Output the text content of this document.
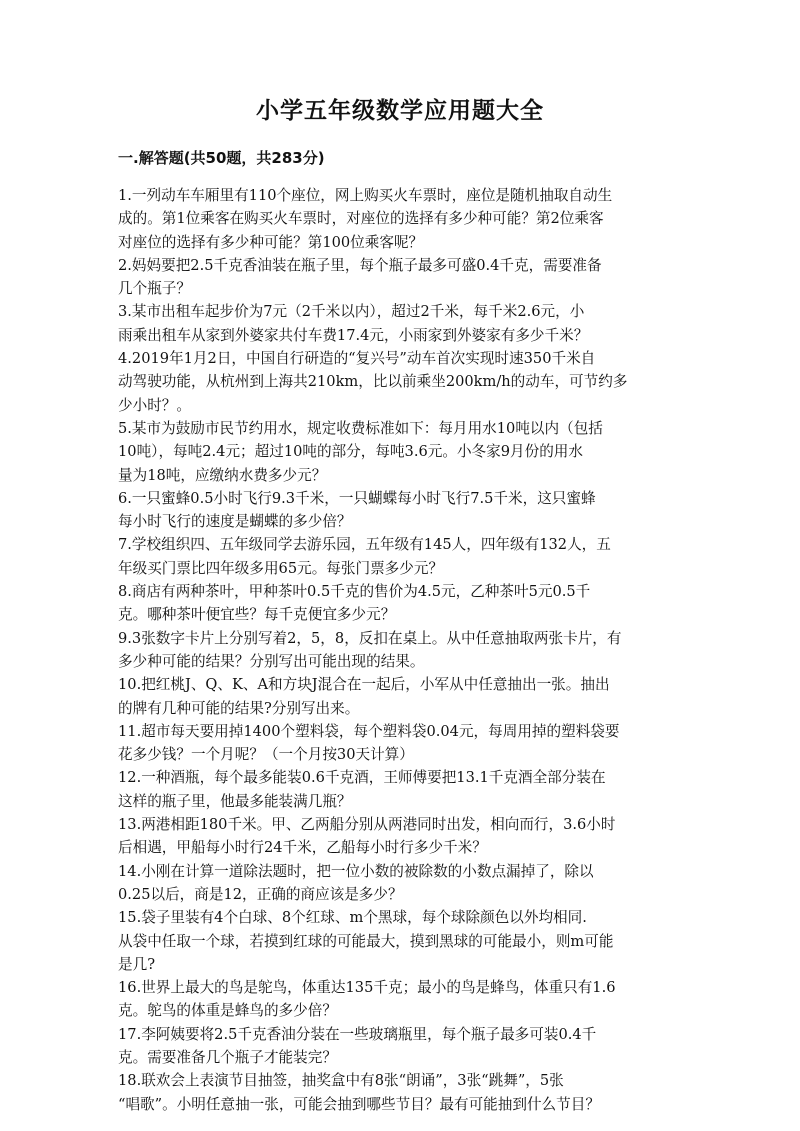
小学五年级数学应用题大全
一.解答题(共50题，共283分)
1.一列动车车厢里有110个座位，网上购买火车票时，座位是随机抽取自动生
成的。第1位乘客在购买火车票时，对座位的选择有多少种可能？第2位乘客
对座位的选择有多少种可能？第100位乘客呢？
2.妈妈要把2.5千克香油装在瓶子里，每个瓶子最多可盛0.4千克，需要准备
几个瓶子？
3.某市出租车起步价为7元（2千米以内），超过2千米，每千米2.6元，小
雨乘出租车从家到外婆家共付车费17.4元，小雨家到外婆家有多少千米？
4.2019年1月2日，中国自行研造的“复兴号”动车首次实现时速350千米自
动驾驶功能，从杭州到上海共210km，比以前乘坐200km/h的动车，可节约多
少小时？。
5.某市为鼓励市民节约用水，规定收费标准如下：每月用水10吨以内（包括
10吨），每吨2.4元；超过10吨的部分，每吨3.6元。小冬家9月份的用水
量为18吨，应缴纳水费多少元？
6.一只蜜蜂0.5小时飞行9.3千米，一只蝴蝶每小时飞行7.5千米，这只蜜蜂
每小时飞行的速度是蝴蝶的多少倍？
7.学校组织四、五年级同学去游乐园，五年级有145人，四年级有132人，五
年级买门票比四年级多用65元。每张门票多少元？
8.商店有两种茶叶，甲种茶叶0.5千克的售价为4.5元，乙种茶叶5元0.5千
克。哪种茶叶便宜些？每千克便宜多少元？
9.3张数字卡片上分别写着2，5，8，反扣在桌上。从中任意抽取两张卡片，有
多少种可能的结果？分别写出可能出现的结果。
10.把红桃J、Q、K、A和方块J混合在一起后，小军从中任意抽出一张。抽出
的牌有几种可能的结果?分别写出来。
11.超市每天要用掉1400个塑料袋，每个塑料袋0.04元，每周用掉的塑料袋要
花多少钱？一个月呢？（一个月按30天计算）
12.一种酒瓶，每个最多能装0.6千克酒，王师傅要把13.1千克酒全部分装在
这样的瓶子里，他最多能装满几瓶？
13.两港相距180千米。甲、乙两船分别从两港同时出发，相向而行，3.6小时
后相遇，甲船每小时行24千米，乙船每小时行多少千米？
14.小刚在计算一道除法题时，把一位小数的被除数的小数点漏掉了，除以
0.25以后，商是12，正确的商应该是多少？
15.袋子里装有4个白球、8个红球、m个黑球，每个球除颜色以外均相同.
从袋中任取一个球，若摸到红球的可能最大，摸到黑球的可能最小，则m可能
是几?
16.世界上最大的鸟是鸵鸟，体重达135千克；最小的鸟是蜂鸟，体重只有1.6
克。鸵鸟的体重是蜂鸟的多少倍？
17.李阿姨要将2.5千克香油分装在一些玻璃瓶里，每个瓶子最多可装0.4千
克。需要准备几个瓶子才能装完？
18.联欢会上表演节目抽签，抽奖盒中有8张“朗诵”，3张“跳舞”，5张
“唱歌”。小明任意抽一张，可能会抽到哪些节目？最有可能抽到什么节目？
